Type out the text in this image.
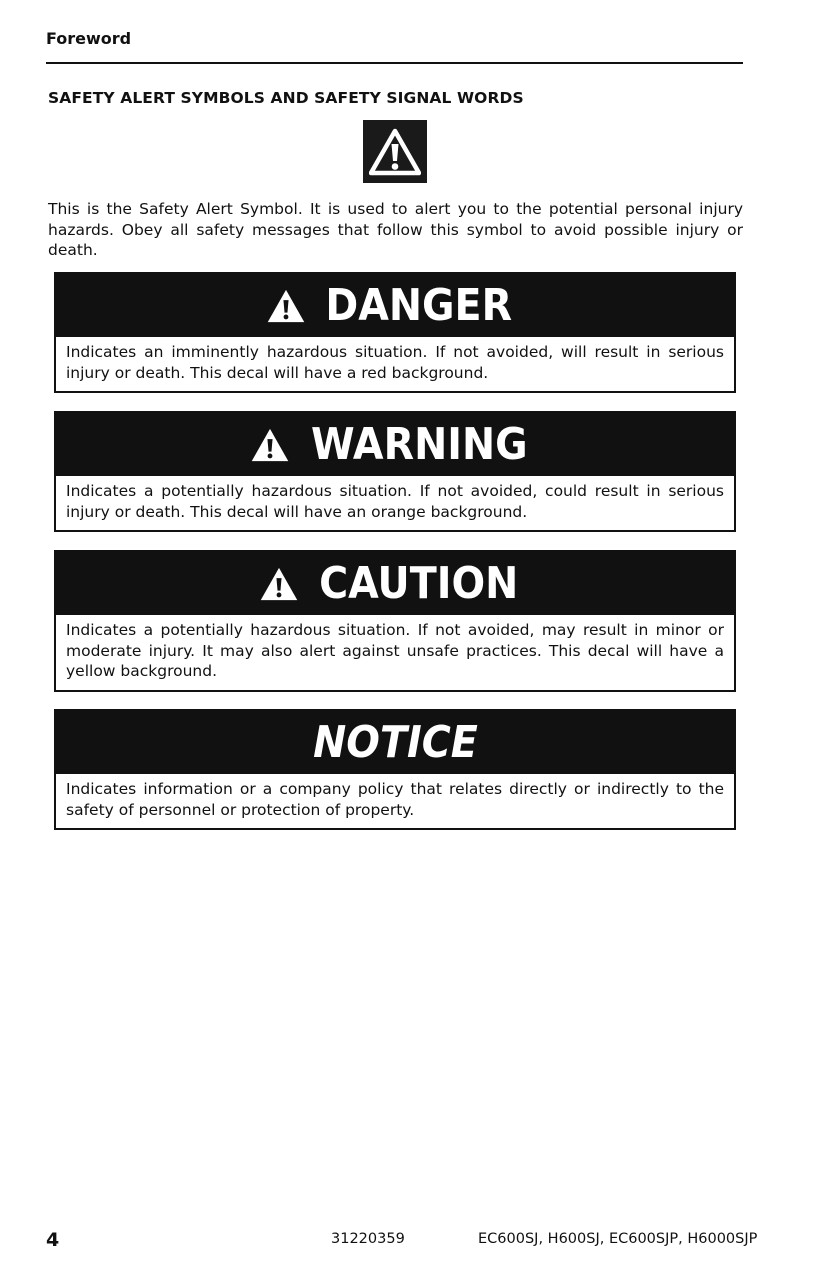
Foreword
SAFETY ALERT SYMBOLS AND SAFETY SIGNAL WORDS
This is the Safety Alert Symbol. It is used to alert you to the potential personal injury hazards. Obey all safety messages that follow this symbol to avoid possible injury or death.
DANGER
Indicates an imminently hazardous situation. If not avoided, will result in serious injury or death. This decal will have a red background.
WARNING
Indicates a potentially hazardous situation. If not avoided, could result in serious injury or death. This decal will have an orange background.
CAUTION
Indicates a potentially hazardous situation. If not avoided, may result in minor or moderate injury. It may also alert against unsafe practices. This decal will have a yellow background.
NOTICE
Indicates information or a company policy that relates directly or indirectly to the safety of personnel or protection of property.
4	31220359	EC600SJ, H600SJ, EC600SJP, H6000SJP
